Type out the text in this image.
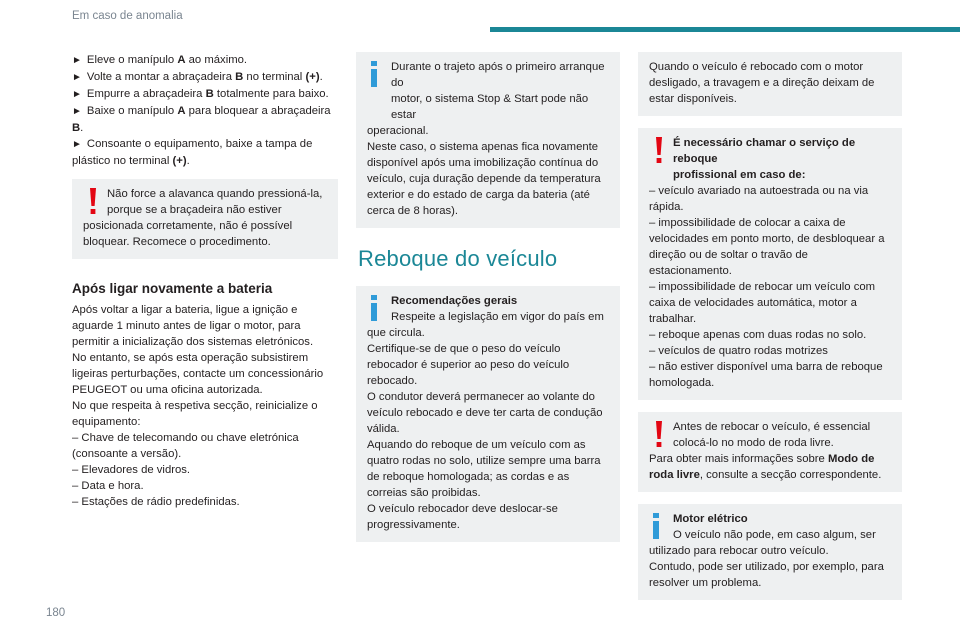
Em caso de anomalia

► Eleve o manípulo A ao máximo.

► Volte a montar a abraçadeira B no terminal (+).

► Empurre a abraçadeira B totalmente para baixo.

► Baixe o manípulo A para bloquear a abraçadeira B.

► Consoante o equipamento, baixe a tampa de plástico no terminal (+).

Não force a alavanca quando pressioná-la,

porque se a braçadeira não estiver

posicionada corretamente, não é possível bloquear. Recomece o procedimento.

Após ligar novamente a bateria

Após voltar a ligar a bateria, ligue a ignição e aguarde 1 minuto antes de ligar o motor, para permitir a inicialização dos sistemas eletrónicos.

No entanto, se após esta operação subsistirem ligeiras perturbações, contacte um concessionário PEUGEOT ou uma oficina autorizada.

No que respeita à respetiva secção, reinicialize o equipamento:

– Chave de telecomando ou chave eletrónica (consoante a versão).

– Elevadores de vidros.

– Data e hora.

– Estações de rádio predefinidas.

Durante o trajeto após o primeiro arranque do

motor, o sistema Stop & Start pode não estar

operacional.

Neste caso, o sistema apenas fica novamente disponível após uma imobilização contínua do veículo, cuja duração depende da temperatura exterior e do estado de carga da bateria (até cerca de 8 horas).

Reboque do veículo

Recomendações gerais

Respeite a legislação em vigor do país em

que circula.

Certifique-se de que o peso do veículo rebocador é superior ao peso do veículo rebocado.

O condutor deverá permanecer ao volante do veículo rebocado e deve ter carta de condução válida.

Aquando do reboque de um veículo com as quatro rodas no solo, utilize sempre uma barra de reboque homologada; as cordas e as correias são proibidas.

O veículo rebocador deve deslocar-se progressivamente.

Quando o veículo é rebocado com o motor desligado, a travagem e a direção deixam de estar disponíveis.

É necessário chamar o serviço de reboque

profissional em caso de:

– veículo avariado na autoestrada ou na via rápida.

– impossibilidade de colocar a caixa de velocidades em ponto morto, de desbloquear a direção ou de soltar o travão de estacionamento.

– impossibilidade de rebocar um veículo com caixa de velocidades automática, motor a trabalhar.

– reboque apenas com duas rodas no solo.

– veículos de quatro rodas motrizes

– não estiver disponível uma barra de reboque homologada.

Antes de rebocar o veículo, é essencial

colocá-lo no modo de roda livre.

Para obter mais informações sobre Modo de roda livre, consulte a secção correspondente.

Motor elétrico

O veículo não pode, em caso algum, ser

utilizado para rebocar outro veículo.

Contudo, pode ser utilizado, por exemplo, para resolver um problema.

180
